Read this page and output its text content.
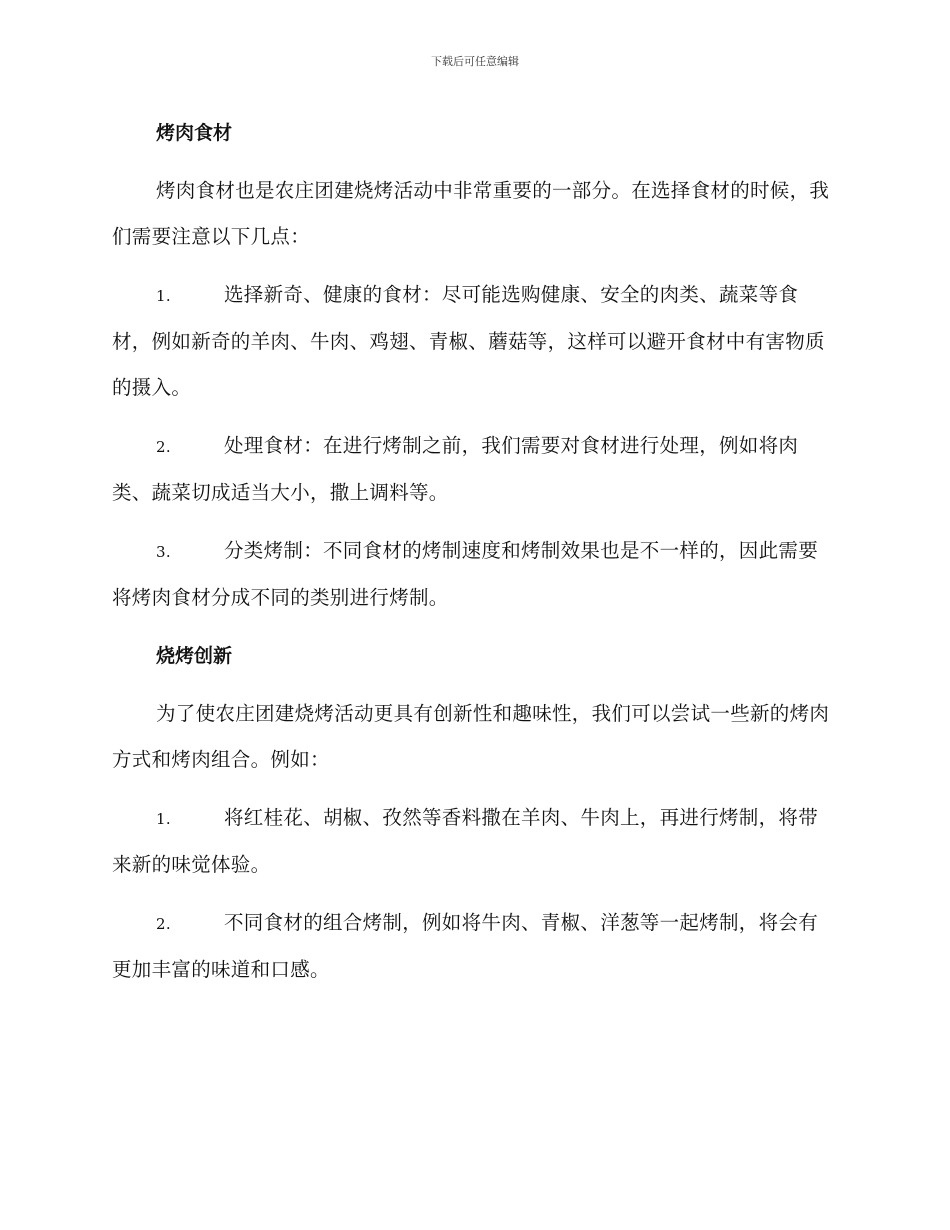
下载后可任意编辑
烤肉食材

烤肉食材也是农庄团建烧烤活动中非常重要的一部分。在选择食材的时候，我们需要注意以下几点：

1.	选择新奇、健康的食材：尽可能选购健康、安全的肉类、蔬菜等食材，例如新奇的羊肉、牛肉、鸡翅、青椒、蘑菇等，这样可以避开食材中有害物质的摄入。

2.	处理食材：在进行烤制之前，我们需要对食材进行处理，例如将肉类、蔬菜切成适当大小，撒上调料等。

3.	分类烤制：不同食材的烤制速度和烤制效果也是不一样的，因此需要将烤肉食材分成不同的类别进行烤制。

烧烤创新

为了使农庄团建烧烤活动更具有创新性和趣味性，我们可以尝试一些新的烤肉方式和烤肉组合。例如：

1.	将红桂花、胡椒、孜然等香料撒在羊肉、牛肉上，再进行烤制，将带来新的味觉体验。

2.	不同食材的组合烤制，例如将牛肉、青椒、洋葱等一起烤制，将会有更加丰富的味道和口感。
